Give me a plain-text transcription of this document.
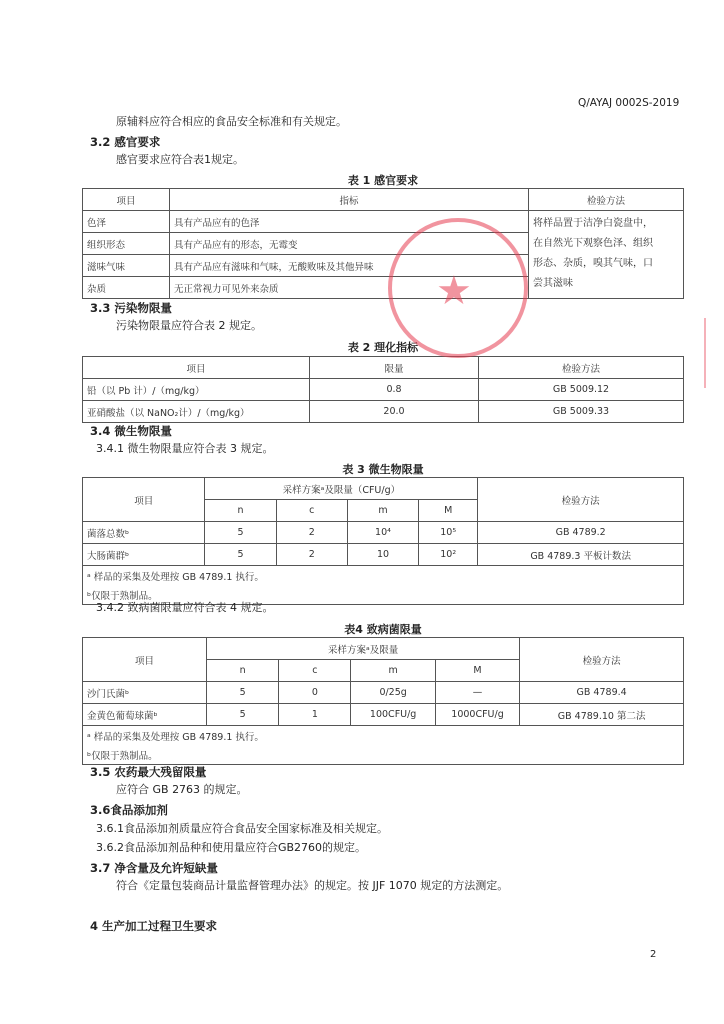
Q/AYAJ 0002S-2019
原辅料应符合相应的食品安全标准和有关规定。
3.2 感官要求
感官要求应符合表1规定。
表 1 感官要求
项目	指标	检验方法
色泽	具有产品应有的色泽	将样品置于洁净白瓷盘中，
在自然光下观察色泽、组织
形态、杂质，嗅其气味，口
尝其滋味

组织形态	具有产品应有的形态，无霉变	
滋味气味	具有产品应有滋味和气味，无酸败味及其他异味	
杂质	无正常视力可见外来杂质	
3.3 污染物限量
污染物限量应符合表 2 规定。
表 2 理化指标
项目	限量	检验方法
铅（以 Pb 计）/（mg/kg）	0.8	GB 5009.12
亚硝酸盐（以 NaNO₂计）/（mg/kg）	20.0	GB 5009.33
3.4 微生物限量
3.4.1 微生物限量应符合表 3 规定。
表 3 微生物限量
项目	采样方案ᵃ及限量（CFU/g）				检验方法
	n	c	m	M	
菌落总数ᵇ	5	2	10⁴	10⁵	GB 4789.2
大肠菌群ᵇ	5	2	10	10²	GB 4789.3 平板计数法
ᵃ 样品的采集及处理按 GB 4789.1 执行。					
ᵇ仅限于熟制品。					
3.4.2 致病菌限量应符合表 4 规定。
表4 致病菌限量
项目	采样方案ᵃ及限量				检验方法
	n	c	m	M	
沙门氏菌ᵇ	5	0	0/25g	—	GB 4789.4
金黄色葡萄球菌ᵇ	5	1	100CFU/g	1000CFU/g	GB 4789.10 第二法
ᵃ 样品的采集及处理按 GB 4789.1 执行。					
ᵇ仅限于熟制品。					
3.5 农药最大残留限量
应符合 GB 2763 的规定。
3.6食品添加剂
3.6.1食品添加剂质量应符合食品安全国家标准及相关规定。
3.6.2食品添加剂品种和使用量应符合GB2760的规定。
3.7 净含量及允许短缺量
符合《定量包装商品计量监督管理办法》的规定。按 JJF 1070 规定的方法测定。
4 生产加工过程卫生要求
2
★
